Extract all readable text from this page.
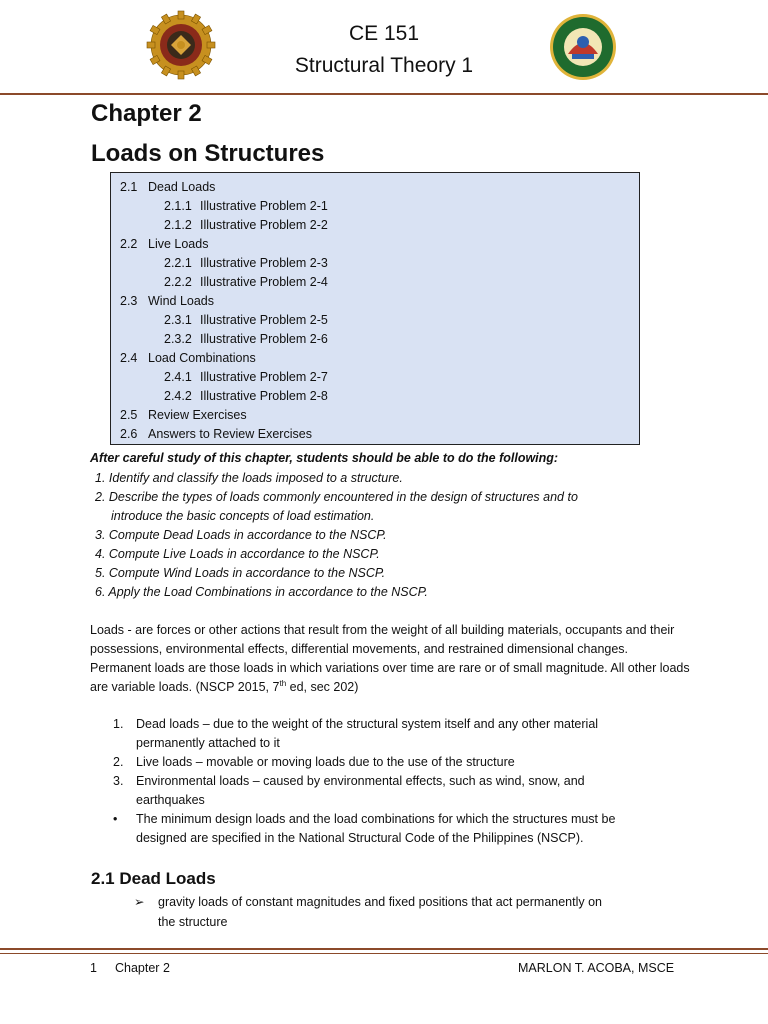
CE 151
Structural Theory 1
Chapter 2
Loads on Structures
2.1 Dead Loads
2.1.1 Illustrative Problem 2-1
2.1.2 Illustrative Problem 2-2
2.2 Live Loads
2.2.1 Illustrative Problem 2-3
2.2.2 Illustrative Problem 2-4
2.3 Wind Loads
2.3.1 Illustrative Problem 2-5
2.3.2 Illustrative Problem 2-6
2.4 Load Combinations
2.4.1 Illustrative Problem 2-7
2.4.2 Illustrative Problem 2-8
2.5 Review Exercises
2.6 Answers to Review Exercises
After careful study of this chapter, students should be able to do the following:
1. Identify and classify the loads imposed to a structure.
2. Describe the types of loads commonly encountered in the design of structures and to
introduce the basic concepts of load estimation.
3. Compute Dead Loads in accordance to the NSCP.
4. Compute Live Loads in accordance to the NSCP.
5. Compute Wind Loads in accordance to the NSCP.
6. Apply the Load Combinations in accordance to the NSCP.
Loads - are forces or other actions that result from the weight of all building materials, occupants and their possessions, environmental effects, differential movements, and restrained dimensional changes. Permanent loads are those loads in which variations over time are rare or of small magnitude. All other loads are variable loads. (NSCP 2015, 7th ed, sec 202)
1. Dead loads – due to the weight of the structural system itself and any other material
permanently attached to it
2. Live loads – movable or moving loads due to the use of the structure
3. Environmental loads – caused by environmental effects, such as wind, snow, and
earthquakes
• The minimum design loads and the load combinations for which the structures must be
designed are specified in the National Structural Code of the Philippines (NSCP).
2.1 Dead Loads
➢ gravity loads of constant magnitudes and fixed positions that act permanently on
the structure
1 Chapter 2	MARLON T. ACOBA, MSCE
